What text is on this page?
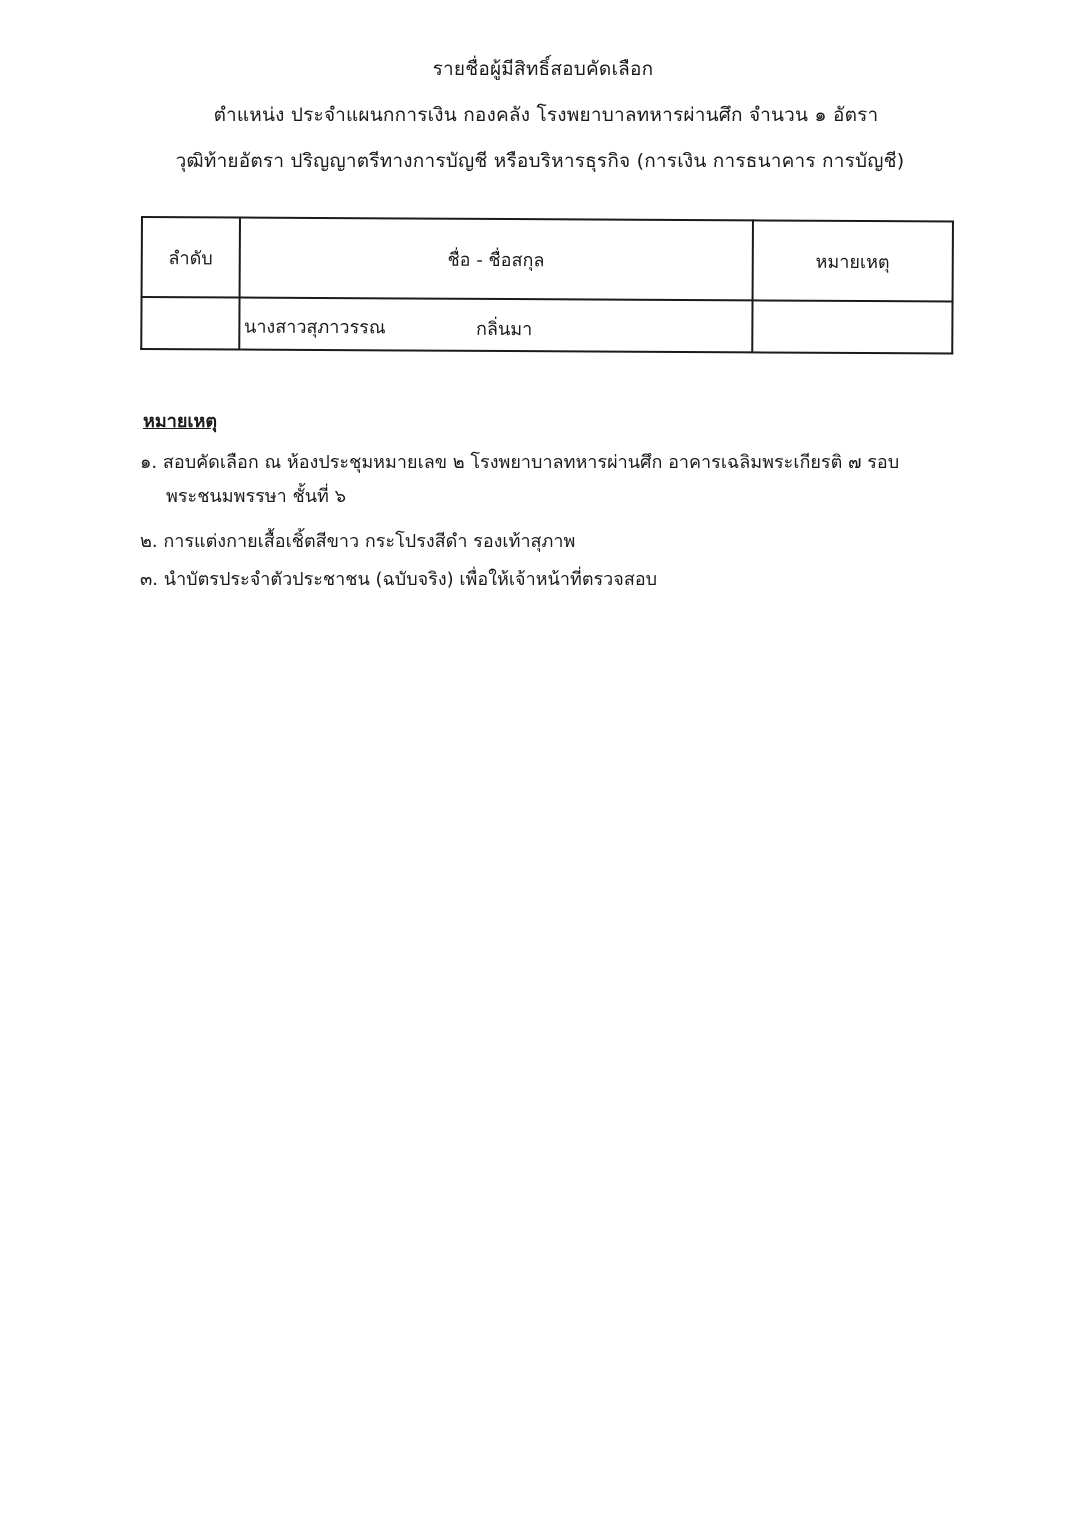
รายชื่อผู้มีสิทธิ์สอบคัดเลือก
ตำแหน่ง ประจำแผนกการเงิน กองคลัง โรงพยาบาลทหารผ่านศึก จำนวน ๑ อัตรา
วุฒิท้ายอัตรา ปริญญาตรีทางการบัญชี หรือบริหารธุรกิจ (การเงิน การธนาคาร การบัญชี)
ลำดับ	ชื่อ - ชื่อสกุล	หมายเหตุ

	นางสาวสุภาวรรณ กลิ่นมา	

หมายเหตุ
๑. สอบคัดเลือก ณ ห้องประชุมหมายเลข ๒ โรงพยาบาลทหารผ่านศึก อาคารเฉลิมพระเกียรติ ๗ รอบ
พระชนมพรรษา ชั้นที่ ๖
๒. การแต่งกายเสื้อเชิ้ตสีขาว กระโปรงสีดำ รองเท้าสุภาพ
๓. นำบัตรประจำตัวประชาชน (ฉบับจริง) เพื่อให้เจ้าหน้าที่ตรวจสอบ
